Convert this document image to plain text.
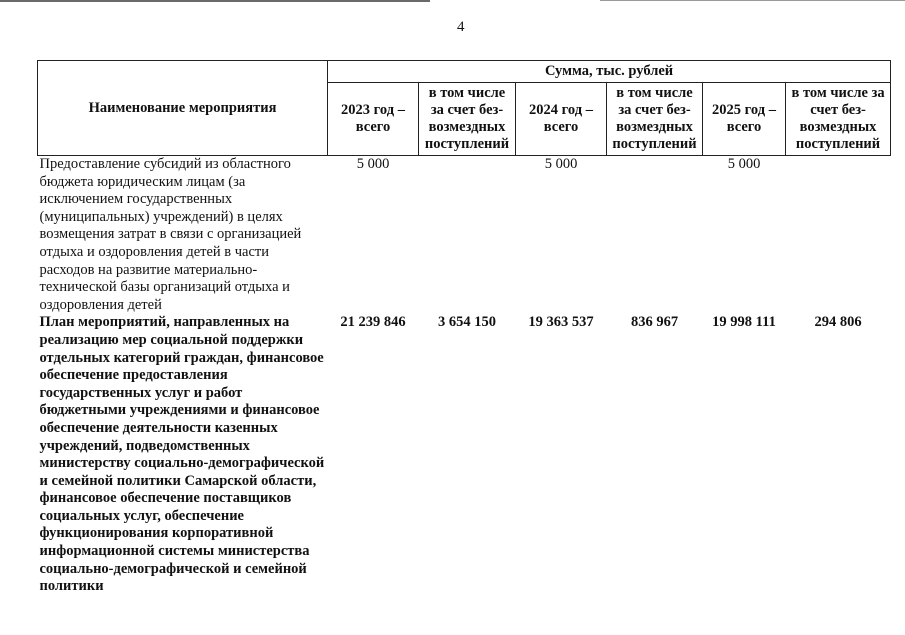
4
Наименование мероприятия	Сумма, тыс. рублей					
	2023 год – всего	в том числе за счет без-возмездных поступлений	2024 год – всего	в том числе за счет без-возмездных поступлений	2025 год – всего	в том числе за счет без-возмездных поступлений
Предоставление субсидий из областного бюджета юридическим лицам (за исключением государственных (муниципальных) учреждений) в целях возмещения затрат в связи с организацией отдыха и оздоровления детей в части расходов на развитие материально-технической базы организаций отдыха и оздоровления детей	5 000		5 000		5 000	
План мероприятий, направленных на реализацию мер социальной поддержки отдельных категорий граждан, финансовое обеспечение предоставления государственных услуг и работ бюджетными учреждениями и финансовое обеспечение деятельности казенных учреждений, подведомственных министерству социально-демографической и семейной политики Самарской области, финансовое обеспечение поставщиков социальных услуг, обеспечение функционирования корпоративной информационной системы министерства социально-демографической и семейной политики	21 239 846	3 654 150	19 363 537	836 967	19 998 111	294 806
